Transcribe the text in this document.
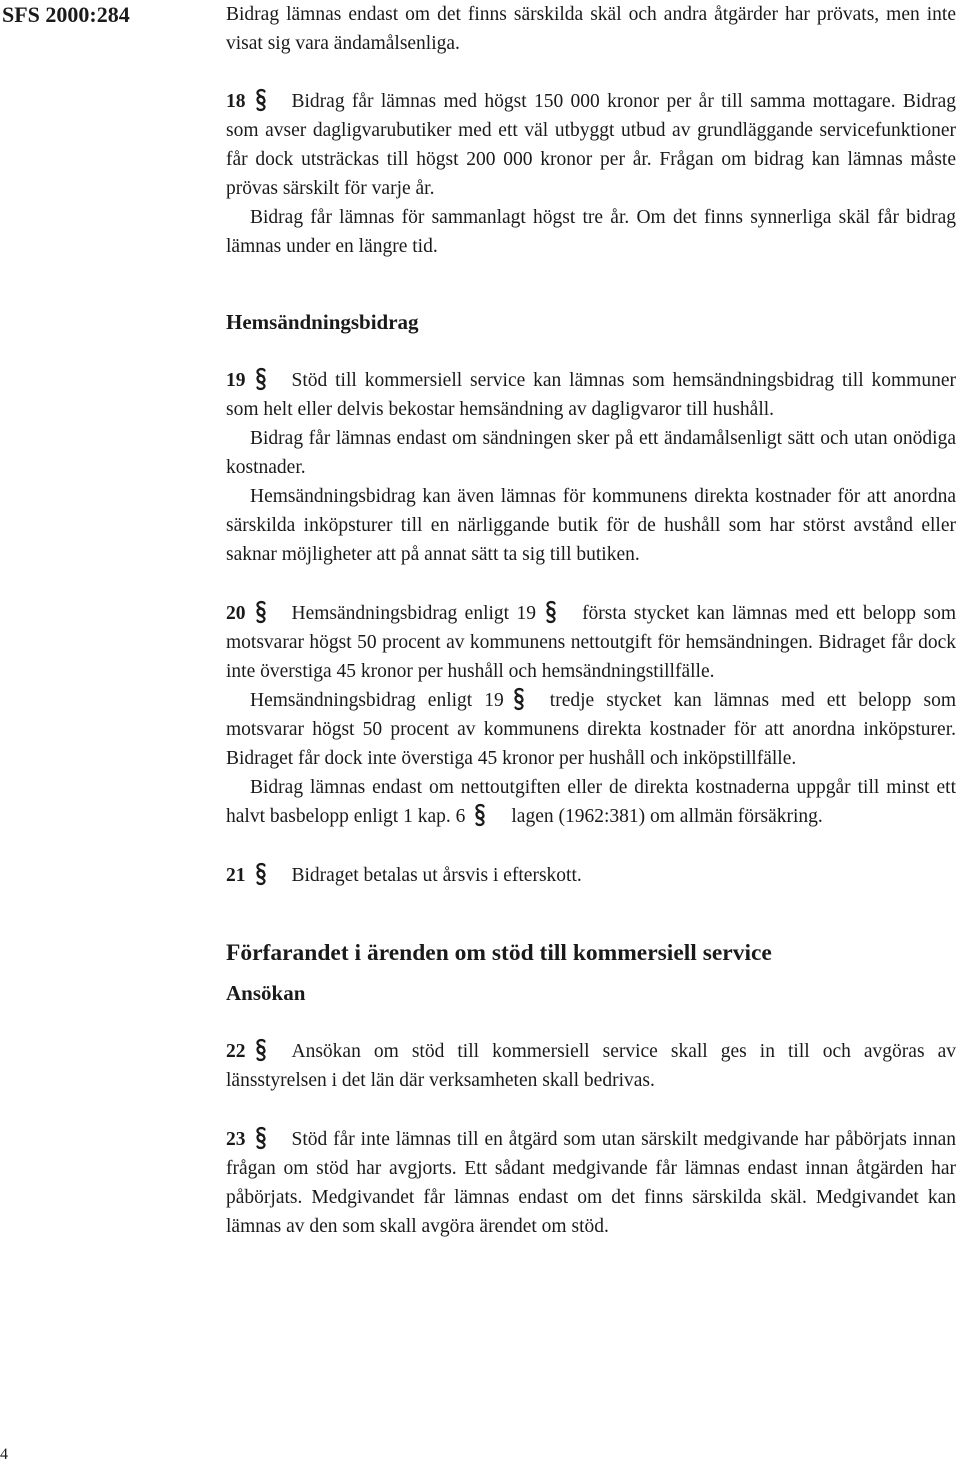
SFS 2000:284	Bidrag lämnas endast om det finns särskilda skäl och andra åtgärder har prövats, men inte visat sig vara ändamålsenliga.

18 Bidrag får lämnas med högst 150 000 kronor per år till samma mottagare. Bidrag som avser dagligvarubutiker med ett väl utbyggt utbud av grundläggande servicefunktioner får dock utsträckas till högst 200 000 kronor per år. Frågan om bidrag kan lämnas måste prövas särskilt för varje år.

Bidrag får lämnas för sammanlagt högst tre år. Om det finns synnerliga skäl får bidrag lämnas under en längre tid.

Hemsändningsbidrag

19 Stöd till kommersiell service kan lämnas som hemsändningsbidrag till kommuner som helt eller delvis bekostar hemsändning av dagligvaror till hushåll.

Bidrag får lämnas endast om sändningen sker på ett ändamålsenligt sätt och utan onödiga kostnader.

Hemsändningsbidrag kan även lämnas för kommunens direkta kostnader för att anordna särskilda inköpsturer till en närliggande butik för de hushåll som har störst avstånd eller saknar möjligheter att på annat sätt ta sig till butiken.

20 Hemsändningsbidrag enligt 19 första stycket kan lämnas med ett belopp som motsvarar högst 50 procent av kommunens nettoutgift för hemsändningen. Bidraget får dock inte överstiga 45 kronor per hushåll och hemsändningstillfälle.

Hemsändningsbidrag enligt 19 tredje stycket kan lämnas med ett belopp som motsvarar högst 50 procent av kommunens direkta kostnader för att anordna inköpsturer. Bidraget får dock inte överstiga 45 kronor per hushåll och inköpstillfälle.

Bidrag lämnas endast om nettoutgiften eller de direkta kostnaderna uppgår till minst ett halvt basbelopp enligt 1 kap. 6 lagen (1962:381) om allmän försäkring.

21 Bidraget betalas ut årsvis i efterskott.

Förfarandet i ärenden om stöd till kommersiell service

Ansökan

22 Ansökan om stöd till kommersiell service skall ges in till och avgöras av länsstyrelsen i det län där verksamheten skall bedrivas.

23 Stöd får inte lämnas till en åtgärd som utan särskilt medgivande har påbörjats innan frågan om stöd har avgjorts. Ett sådant medgivande får lämnas endast innan åtgärden har påbörjats. Medgivandet får lämnas endast om det finns särskilda skäl. Medgivandet kan lämnas av den som skall avgöra ärendet om stöd.

4
